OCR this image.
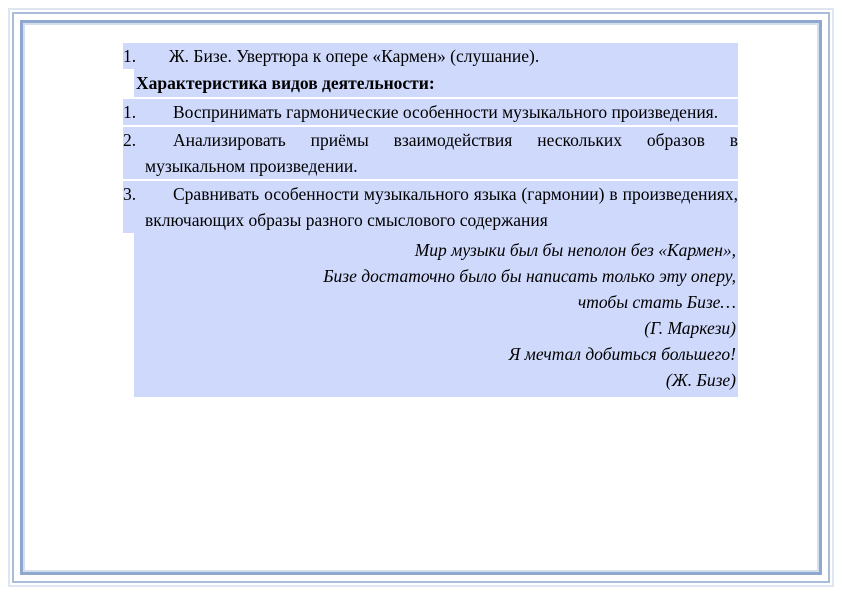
1.	Ж. Бизе. Увертюра к опере «Кармен» (слушание).
Характеристика видов деятельности:
1.	Воспринимать гармонические особенности музыкального произведения.
2.	Анализировать приёмы взаимодействия нескольких образов в музыкальном произведении.
3.	Сравнивать особенности музыкального языка (гармонии) в произведениях, включающих образы разного смыслового содержания
Мир музыки был бы неполон без «Кармен»,
Бизе достаточно было бы написать только эту оперу,
чтобы стать Бизе…
(Г. Маркези)
Я мечтал добиться большего!
(Ж. Бизе)
